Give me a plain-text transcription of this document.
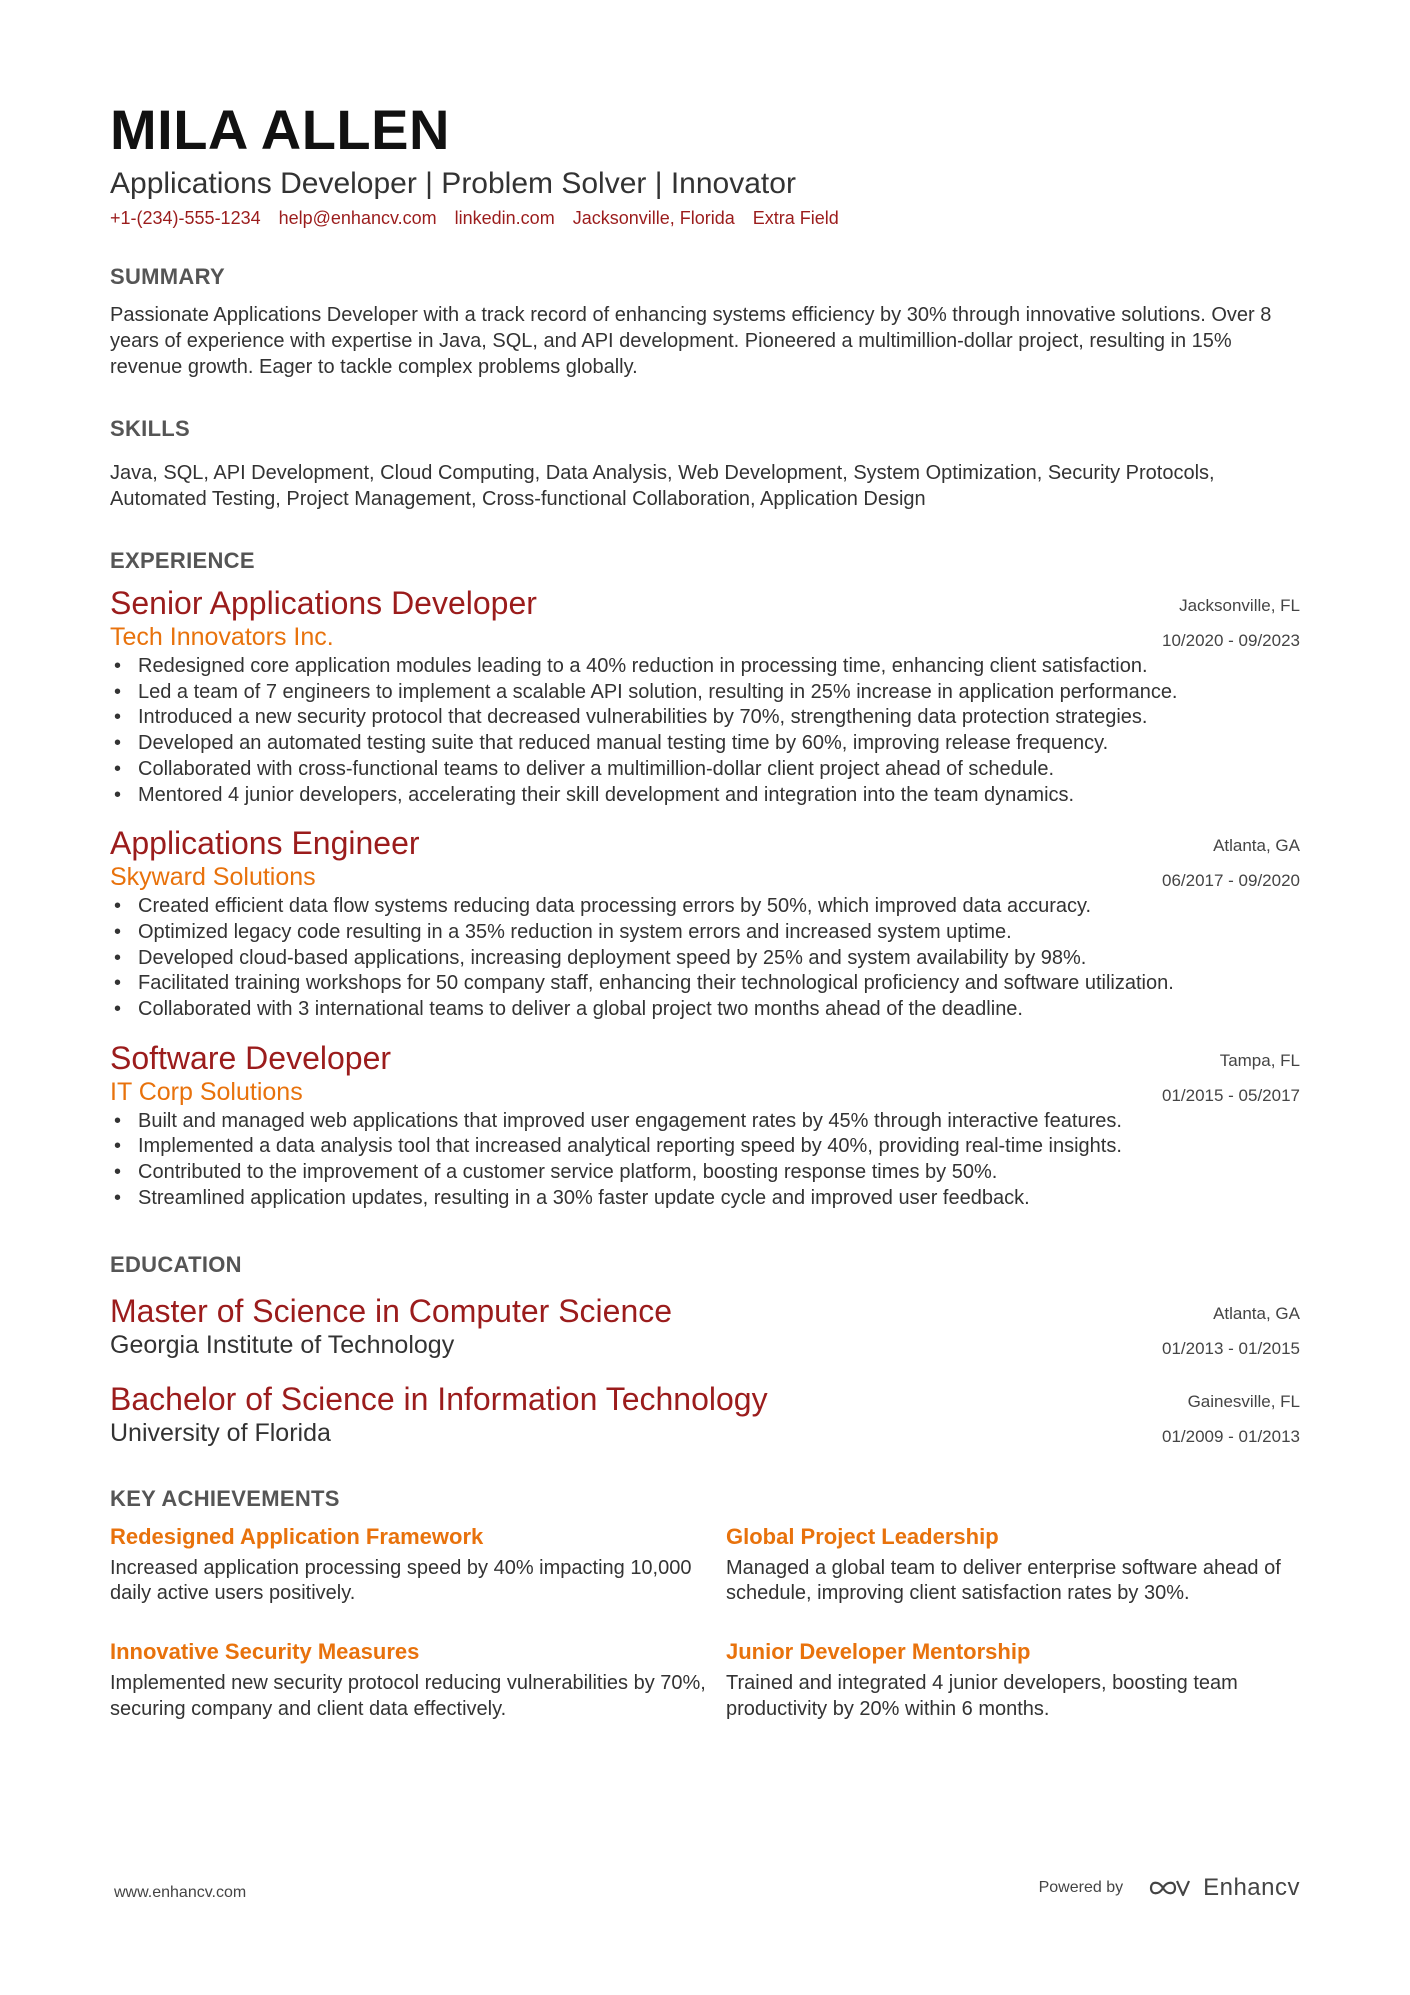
MILA ALLEN
Applications Developer | Problem Solver | Innovator
+1-(234)-555-1234 help@enhancv.com linkedin.com Jacksonville, Florida Extra Field
SUMMARY

Passionate Applications Developer with a track record of enhancing systems efficiency by 30% through innovative solutions. Over 8 years of experience with expertise in Java, SQL, and API development. Pioneered a multimillion-dollar project, resulting in 15% revenue growth. Eager to tackle complex problems globally.

SKILLS

Java, SQL, API Development, Cloud Computing, Data Analysis, Web Development, System Optimization, Security Protocols, Automated Testing, Project Management, Cross-functional Collaboration, Application Design

EXPERIENCE
Senior Applications Developer
Tech Innovators Inc.
Jacksonville, FL
10/2020 - 09/2023
• Redesigned core application modules leading to a 40% reduction in processing time, enhancing client satisfaction.
• Led a team of 7 engineers to implement a scalable API solution, resulting in 25% increase in application performance.
• Introduced a new security protocol that decreased vulnerabilities by 70%, strengthening data protection strategies.
• Developed an automated testing suite that reduced manual testing time by 60%, improving release frequency.
• Collaborated with cross-functional teams to deliver a multimillion-dollar client project ahead of schedule.
• Mentored 4 junior developers, accelerating their skill development and integration into the team dynamics.
Applications Engineer
Skyward Solutions
Atlanta, GA
06/2017 - 09/2020
• Created efficient data flow systems reducing data processing errors by 50%, which improved data accuracy.
• Optimized legacy code resulting in a 35% reduction in system errors and increased system uptime.
• Developed cloud-based applications, increasing deployment speed by 25% and system availability by 98%.
• Facilitated training workshops for 50 company staff, enhancing their technological proficiency and software utilization.
• Collaborated with 3 international teams to deliver a global project two months ahead of the deadline.
Software Developer
IT Corp Solutions
Tampa, FL
01/2015 - 05/2017
• Built and managed web applications that improved user engagement rates by 45% through interactive features.
• Implemented a data analysis tool that increased analytical reporting speed by 40%, providing real-time insights.
• Contributed to the improvement of a customer service platform, boosting response times by 50%.
• Streamlined application updates, resulting in a 30% faster update cycle and improved user feedback.
EDUCATION
Master of Science in Computer Science
Georgia Institute of Technology
Atlanta, GA
01/2013 - 01/2015
Bachelor of Science in Information Technology
University of Florida
Gainesville, FL
01/2009 - 01/2013
KEY ACHIEVEMENTS
Redesigned Application Framework
Increased application processing speed by 40% impacting 10,000 daily active users positively.
Global Project Leadership
Managed a global team to deliver enterprise software ahead of schedule, improving client satisfaction rates by 30%.
Innovative Security Measures
Implemented new security protocol reducing vulnerabilities by 70%, securing company and client data effectively.
Junior Developer Mentorship
Trained and integrated 4 junior developers, boosting team productivity by 20% within 6 months.
www.enhancv.com	Powered by	Enhancv
